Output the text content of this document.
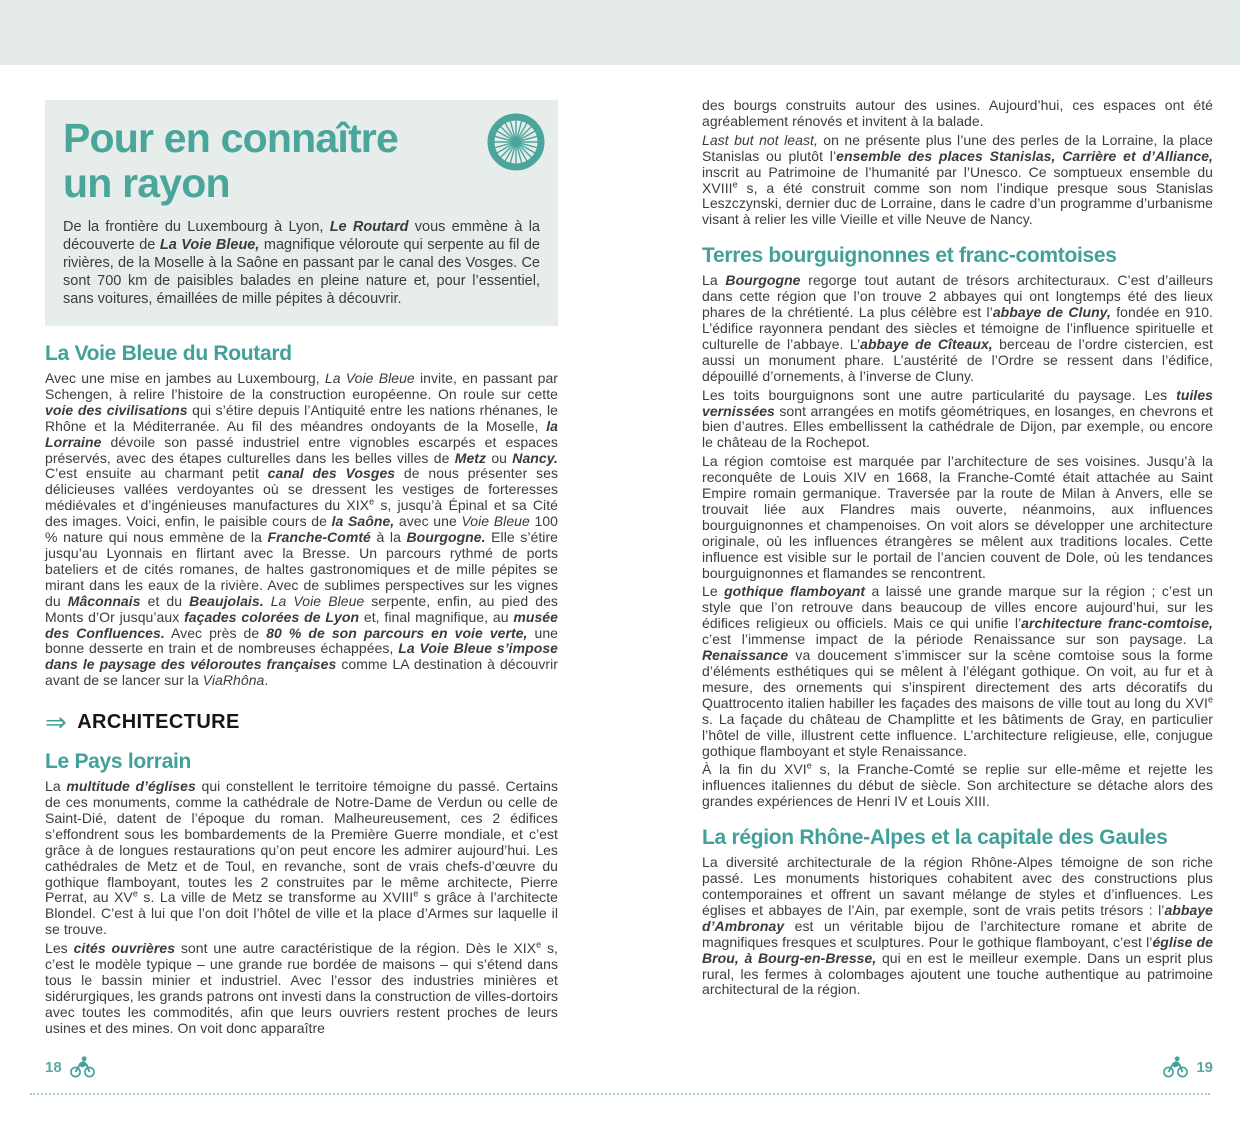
Pour en connaître
un rayon
De la frontière du Luxembourg à Lyon, Le Routard vous emmène à la découverte de La Voie Bleue, magnifique véloroute qui serpente au fil de rivières, de la Moselle à la Saône en passant par le canal des Vosges. Ce sont 700 km de paisibles balades en pleine nature et, pour l’essentiel, sans voitures, émaillées de mille pépites à découvrir.
La Voie Bleue du Routard
Avec une mise en jambes au Luxembourg, La Voie Bleue invite, en passant par Schengen, à relire l’histoire de la construction européenne. On roule sur cette voie des civilisations qui s’étire depuis l’Antiquité entre les nations rhénanes, le Rhône et la Méditerranée. Au fil des méandres ondoyants de la Moselle, la Lorraine dévoile son passé industriel entre vignobles escarpés et espaces préservés, avec des étapes culturelles dans les belles villes de Metz ou Nancy. C’est ensuite au charmant petit canal des Vosges de nous présenter ses délicieuses vallées verdoyantes où se dressent les vestiges de forteresses médiévales et d’ingénieuses manufactures du XIXe s, jusqu’à Épinal et sa Cité des images. Voici, enfin, le paisible cours de la Saône, avec une Voie Bleue 100 % nature qui nous emmène de la Franche-Comté à la Bourgogne. Elle s’étire jusqu’au Lyonnais en flirtant avec la Bresse. Un parcours rythmé de ports bateliers et de cités romanes, de haltes gastronomiques et de mille pépites se mirant dans les eaux de la rivière. Avec de sublimes perspectives sur les vignes du Mâconnais et du Beaujolais. La Voie Bleue serpente, enfin, au pied des Monts d’Or jusqu’aux façades colorées de Lyon et, final magnifique, au musée des Confluences. Avec près de 80 % de son parcours en voie verte, une bonne desserte en train et de nombreuses échappées, La Voie Bleue s’impose dans le paysage des véloroutes françaises comme LA destination à découvrir avant de se lancer sur la ViaRhôna.
⇒ ARCHITECTURE
Le Pays lorrain
La multitude d’églises qui constellent le territoire témoigne du passé. Certains de ces monuments, comme la cathédrale de Notre-Dame de Verdun ou celle de Saint-Dié, datent de l’époque du roman. Malheureusement, ces 2 édifices s’effondrent sous les bombardements de la Première Guerre mondiale, et c’est grâce à de longues restaurations qu’on peut encore les admirer aujourd’hui. Les cathédrales de Metz et de Toul, en revanche, sont de vrais chefs-d’œuvre du gothique flamboyant, toutes les 2 construites par le même architecte, Pierre Perrat, au XVe s. La ville de Metz se transforme au XVIIIe s grâce à l’architecte Blondel. C’est à lui que l’on doit l’hôtel de ville et la place d’Armes sur laquelle il se trouve.
Les cités ouvrières sont une autre caractéristique de la région. Dès le XIXe s, c’est le modèle typique – une grande rue bordée de maisons – qui s’étend dans tous le bassin minier et industriel. Avec l’essor des industries minières et sidérurgiques, les grands patrons ont investi dans la construction de villes-dortoirs avec toutes les commodités, afin que leurs ouvriers restent proches de leurs usines et des mines. On voit donc apparaître
des bourgs construits autour des usines. Aujourd’hui, ces espaces ont été agréablement rénovés et invitent à la balade.
Last but not least, on ne présente plus l’une des perles de la Lorraine, la place Stanislas ou plutôt l’ensemble des places Stanislas, Carrière et d’Alliance, inscrit au Patrimoine de l’humanité par l’Unesco. Ce somptueux ensemble du XVIIIe s, a été construit comme son nom l’indique presque sous Stanislas Leszczynski, dernier duc de Lorraine, dans le cadre d’un programme d’urbanisme visant à relier les ville Vieille et ville Neuve de Nancy.
Terres bourguignonnes et franc-comtoises
La Bourgogne regorge tout autant de trésors architecturaux. C’est d’ailleurs dans cette région que l’on trouve 2 abbayes qui ont longtemps été des lieux phares de la chrétienté. La plus célèbre est l’abbaye de Cluny, fondée en 910. L’édifice rayonnera pendant des siècles et témoigne de l’influence spirituelle et culturelle de l’abbaye. L’abbaye de Cîteaux, berceau de l’ordre cistercien, est aussi un monument phare. L’austérité de l’Ordre se ressent dans l’édifice, dépouillé d’ornements, à l’inverse de Cluny.
Les toits bourguignons sont une autre particularité du paysage. Les tuiles vernissées sont arrangées en motifs géométriques, en losanges, en chevrons et bien d’autres. Elles embellissent la cathédrale de Dijon, par exemple, ou encore le château de la Rochepot.
La région comtoise est marquée par l’architecture de ses voisines. Jusqu’à la reconquête de Louis XIV en 1668, la Franche-Comté était attachée au Saint Empire romain germanique. Traversée par la route de Milan à Anvers, elle se trouvait liée aux Flandres mais ouverte, néanmoins, aux influences bourguignonnes et champenoises. On voit alors se développer une architecture originale, où les influences étrangères se mêlent aux traditions locales. Cette influence est visible sur le portail de l’ancien couvent de Dole, où les tendances bourguignonnes et flamandes se rencontrent.
Le gothique flamboyant a laissé une grande marque sur la région ; c’est un style que l’on retrouve dans beaucoup de villes encore aujourd’hui, sur les édifices religieux ou officiels. Mais ce qui unifie l’architecture franc-comtoise, c’est l’immense impact de la période Renaissance sur son paysage. La Renaissance va doucement s’immiscer sur la scène comtoise sous la forme d’éléments esthétiques qui se mêlent à l’élégant gothique. On voit, au fur et à mesure, des ornements qui s’inspirent directement des arts décoratifs du Quattrocento italien habiller les façades des maisons de ville tout au long du XVIe s. La façade du château de Champlitte et les bâtiments de Gray, en particulier l’hôtel de ville, illustrent cette influence. L’architecture religieuse, elle, conjugue gothique flamboyant et style Renaissance.
À la fin du XVIe s, la Franche-Comté se replie sur elle-même et rejette les influences italiennes du début de siècle. Son architecture se détache alors des grandes expériences de Henri IV et Louis XIII.
La région Rhône-Alpes et la capitale des Gaules
La diversité architecturale de la région Rhône-Alpes témoigne de son riche passé. Les monuments historiques cohabitent avec des constructions plus contemporaines et offrent un savant mélange de styles et d’influences. Les églises et abbayes de l’Ain, par exemple, sont de vrais petits trésors : l’abbaye d’Ambronay est un véritable bijou de l’architecture romane et abrite de magnifiques fresques et sculptures. Pour le gothique flamboyant, c’est l’église de Brou, à Bourg-en-Bresse, qui en est le meilleur exemple. Dans un esprit plus rural, les fermes à colombages ajoutent une touche authentique au patrimoine architectural de la région.
18	19
